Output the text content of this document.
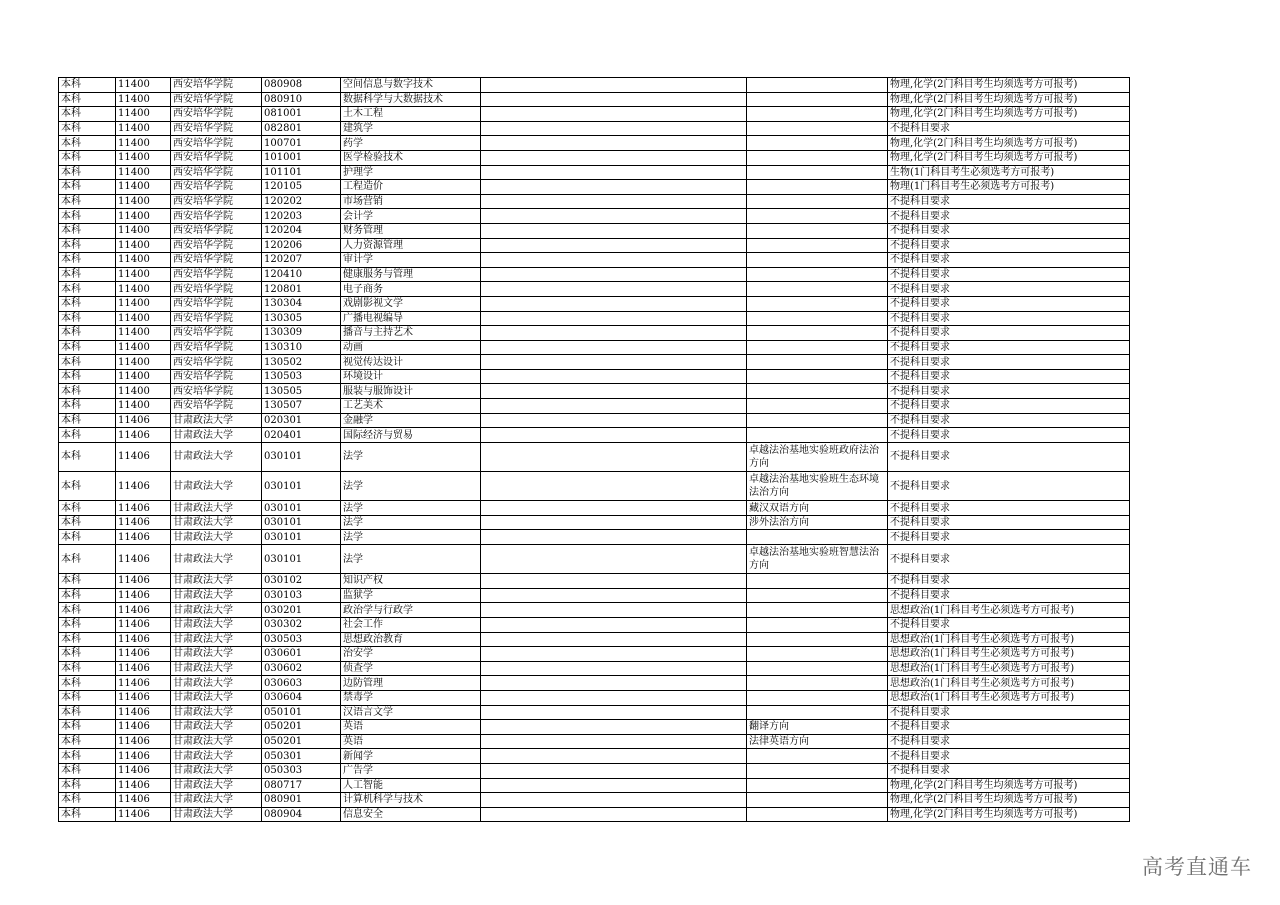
本科	11400	西安培华学院	080908	空间信息与数字技术			物理,化学(2门科目考生均须选考方可报考)
本科	11400	西安培华学院	080910	数据科学与大数据技术			物理,化学(2门科目考生均须选考方可报考)
本科	11400	西安培华学院	081001	土木工程			物理,化学(2门科目考生均须选考方可报考)
本科	11400	西安培华学院	082801	建筑学			不提科目要求
本科	11400	西安培华学院	100701	药学			物理,化学(2门科目考生均须选考方可报考)
本科	11400	西安培华学院	101001	医学检验技术			物理,化学(2门科目考生均须选考方可报考)
本科	11400	西安培华学院	101101	护理学			生物(1门科目考生必须选考方可报考)
本科	11400	西安培华学院	120105	工程造价			物理(1门科目考生必须选考方可报考)
本科	11400	西安培华学院	120202	市场营销			不提科目要求
本科	11400	西安培华学院	120203	会计学			不提科目要求
本科	11400	西安培华学院	120204	财务管理			不提科目要求
本科	11400	西安培华学院	120206	人力资源管理			不提科目要求
本科	11400	西安培华学院	120207	审计学			不提科目要求
本科	11400	西安培华学院	120410	健康服务与管理			不提科目要求
本科	11400	西安培华学院	120801	电子商务			不提科目要求
本科	11400	西安培华学院	130304	戏剧影视文学			不提科目要求
本科	11400	西安培华学院	130305	广播电视编导			不提科目要求
本科	11400	西安培华学院	130309	播音与主持艺术			不提科目要求
本科	11400	西安培华学院	130310	动画			不提科目要求
本科	11400	西安培华学院	130502	视觉传达设计			不提科目要求
本科	11400	西安培华学院	130503	环境设计			不提科目要求
本科	11400	西安培华学院	130505	服装与服饰设计			不提科目要求
本科	11400	西安培华学院	130507	工艺美术			不提科目要求
本科	11406	甘肃政法大学	020301	金融学			不提科目要求
本科	11406	甘肃政法大学	020401	国际经济与贸易			不提科目要求
本科	11406	甘肃政法大学	030101	法学		卓越法治基地实验班政府法治方向	不提科目要求
本科	11406	甘肃政法大学	030101	法学		卓越法治基地实验班生态环境法治方向	不提科目要求
本科	11406	甘肃政法大学	030101	法学		藏汉双语方向	不提科目要求
本科	11406	甘肃政法大学	030101	法学		涉外法治方向	不提科目要求
本科	11406	甘肃政法大学	030101	法学			不提科目要求
本科	11406	甘肃政法大学	030101	法学		卓越法治基地实验班智慧法治方向	不提科目要求
本科	11406	甘肃政法大学	030102	知识产权			不提科目要求
本科	11406	甘肃政法大学	030103	监狱学			不提科目要求
本科	11406	甘肃政法大学	030201	政治学与行政学			思想政治(1门科目考生必须选考方可报考)
本科	11406	甘肃政法大学	030302	社会工作			不提科目要求
本科	11406	甘肃政法大学	030503	思想政治教育			思想政治(1门科目考生必须选考方可报考)
本科	11406	甘肃政法大学	030601	治安学			思想政治(1门科目考生必须选考方可报考)
本科	11406	甘肃政法大学	030602	侦查学			思想政治(1门科目考生必须选考方可报考)
本科	11406	甘肃政法大学	030603	边防管理			思想政治(1门科目考生必须选考方可报考)
本科	11406	甘肃政法大学	030604	禁毒学			思想政治(1门科目考生必须选考方可报考)
本科	11406	甘肃政法大学	050101	汉语言文学			不提科目要求
本科	11406	甘肃政法大学	050201	英语		翻译方向	不提科目要求
本科	11406	甘肃政法大学	050201	英语		法律英语方向	不提科目要求
本科	11406	甘肃政法大学	050301	新闻学			不提科目要求
本科	11406	甘肃政法大学	050303	广告学			不提科目要求
本科	11406	甘肃政法大学	080717	人工智能			物理,化学(2门科目考生均须选考方可报考)
本科	11406	甘肃政法大学	080901	计算机科学与技术			物理,化学(2门科目考生均须选考方可报考)
本科	11406	甘肃政法大学	080904	信息安全			物理,化学(2门科目考生均须选考方可报考)
高考直通车
